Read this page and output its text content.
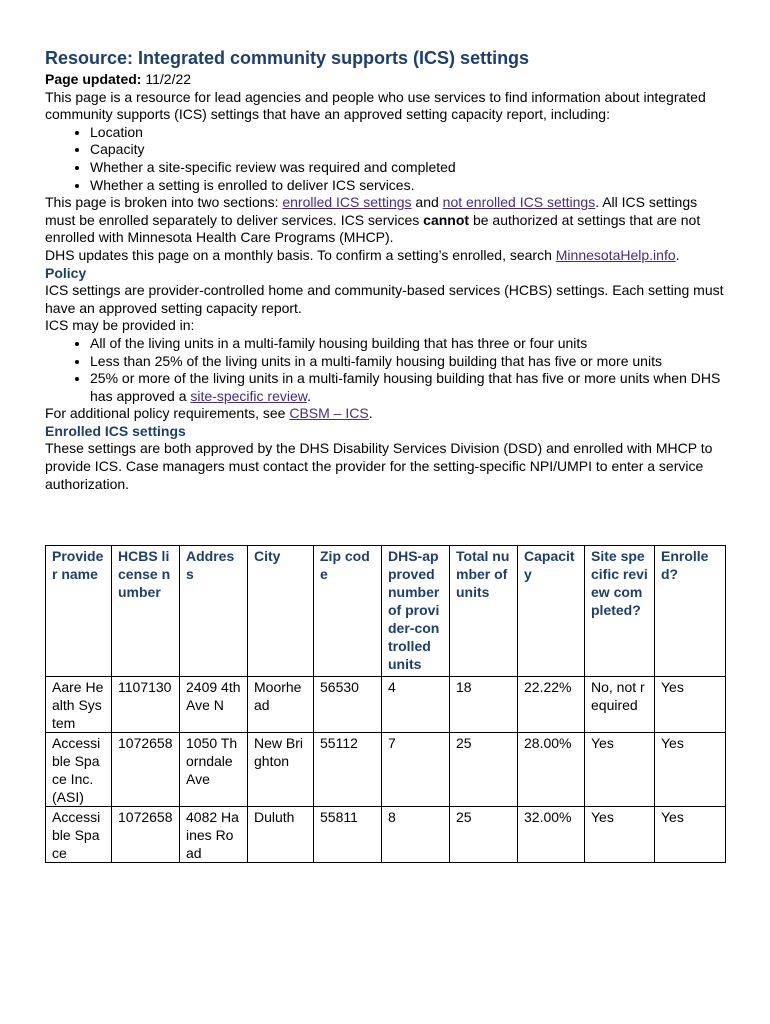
Resource: Integrated community supports (ICS) settings

Page updated: 11/2/22

This page is a resource for lead agencies and people who use services to find information about integrated community supports (ICS) settings that have an approved setting capacity report, including:

• Location
• Capacity
• Whether a site-specific review was required and completed
• Whether a setting is enrolled to deliver ICS services.

This page is broken into two sections: enrolled ICS settings and not enrolled ICS settings. All ICS settings must be enrolled separately to deliver services. ICS services cannot be authorized at settings that are not enrolled with Minnesota Health Care Programs (MHCP).

DHS updates this page on a monthly basis. To confirm a setting’s enrolled, search MinnesotaHelp.info.

Policy

ICS settings are provider-controlled home and community-based services (HCBS) settings. Each setting must have an approved setting capacity report.

ICS may be provided in:

• All of the living units in a multi-family housing building that has three or four units
• Less than 25% of the living units in a multi-family housing building that has five or more units
• 25% or more of the living units in a multi-family housing building that has five or more units when DHS has approved a site-specific review.

For additional policy requirements, see CBSM – ICS.

Enrolled ICS settings

These settings are both approved by the DHS Disability Services Division (DSD) and enrolled with MHCP to provide ICS. Case managers must contact the provider for the setting-specific NPI/UMPI to enter a service authorization.

Provider name	HCBS license number	Address	City	Zip code	DHS-approved number of provider-controlled units	Total number of units	Capacity	Site specific review completed?	Enrolled?
Aare Health System	1107130	2409 4th Ave N	Moorhead	56530	4	18	22.22%	No, not required	Yes
Accessible Space Inc. (ASI)	1072658	1050 Thorndale Ave	New Brighton	55112	7	25	28.00%	Yes	Yes
Accessible Space	1072658	4082 Haines Road	Duluth	55811	8	25	32.00%	Yes	Yes
